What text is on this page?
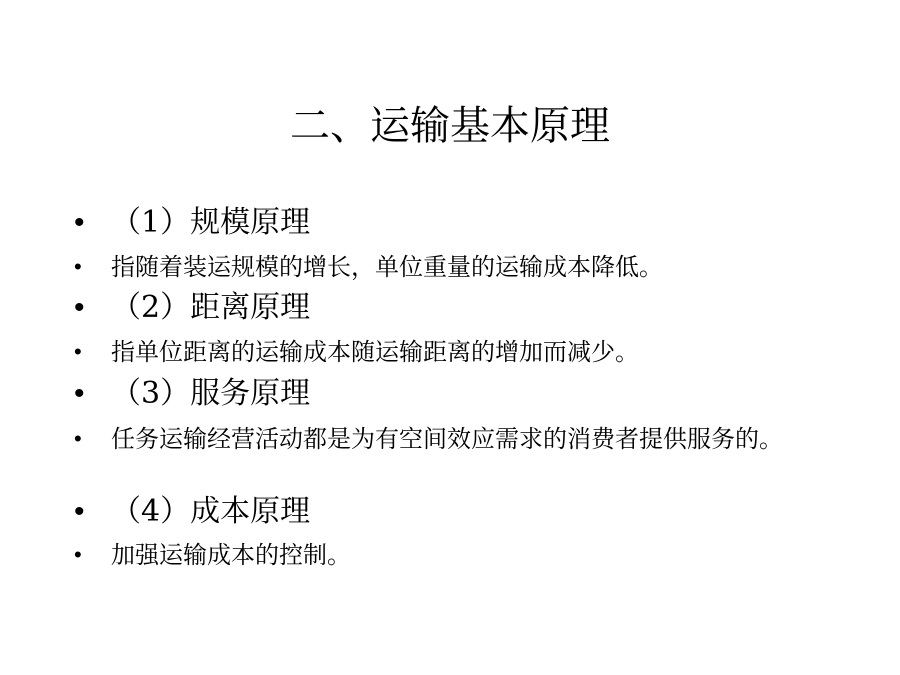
二、运输基本原理
• （1）规模原理
• 指随着装运规模的增长，单位重量的运输成本降低。
• （2）距离原理
• 指单位距离的运输成本随运输距离的增加而减少。
• （3）服务原理
• 任务运输经营活动都是为有空间效应需求的消费者提供服务的。
• （4）成本原理
• 加强运输成本的控制。
